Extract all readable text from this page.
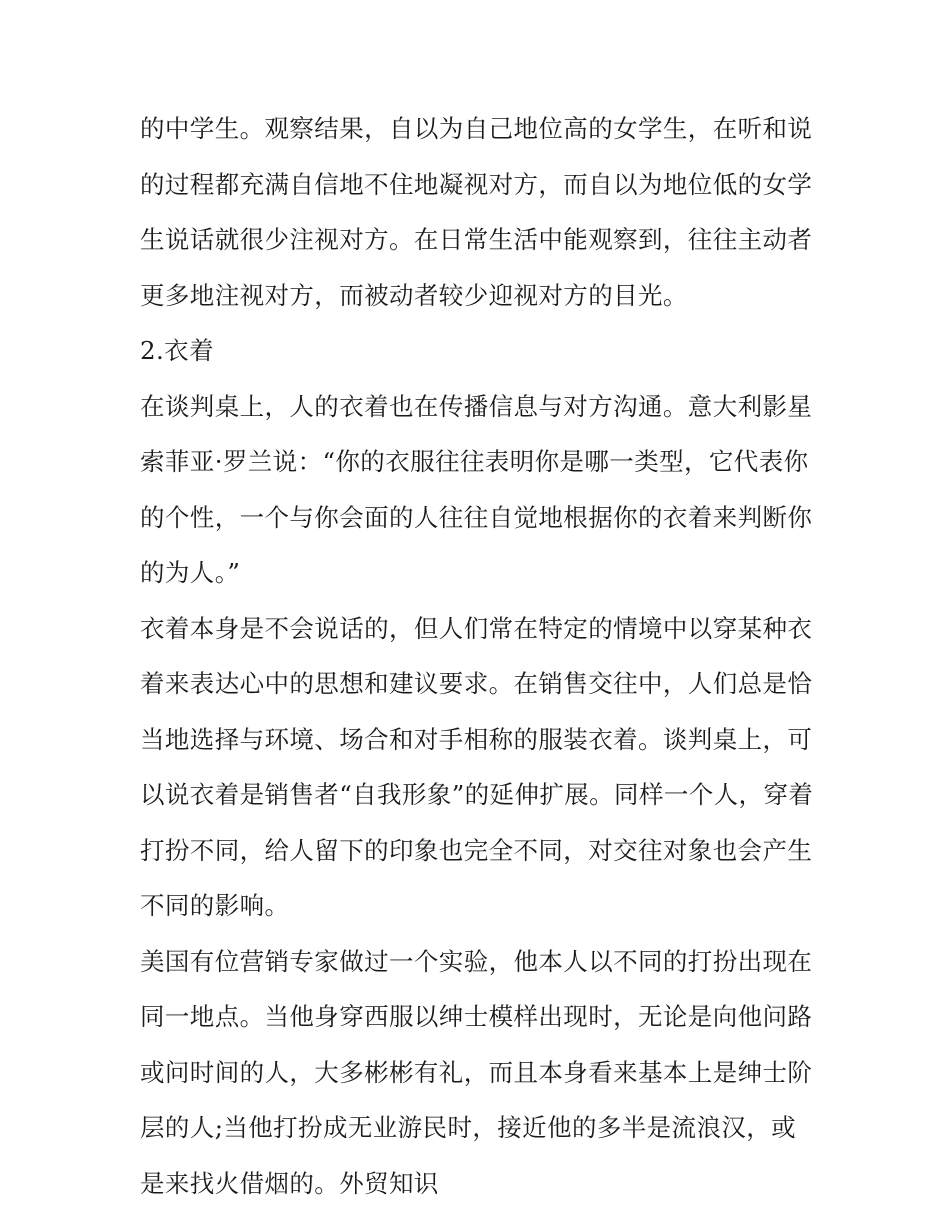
的中学生。观察结果，自以为自己地位高的女学生，在听和说
的过程都充满自信地不住地凝视对方，而自以为地位低的女学
生说话就很少注视对方。在日常生活中能观察到，往往主动者
更多地注视对方，而被动者较少迎视对方的目光。
2.衣着
在谈判桌上，人的衣着也在传播信息与对方沟通。意大利影星
索菲亚·罗兰说：“你的衣服往往表明你是哪一类型，它代表你
的个性，一个与你会面的人往往自觉地根据你的衣着来判断你
的为人。”
衣着本身是不会说话的，但人们常在特定的情境中以穿某种衣
着来表达心中的思想和建议要求。在销售交往中，人们总是恰
当地选择与环境、场合和对手相称的服装衣着。谈判桌上，可
以说衣着是销售者“自我形象”的延伸扩展。同样一个人，穿着
打扮不同，给人留下的印象也完全不同，对交往对象也会产生
不同的影响。
美国有位营销专家做过一个实验，他本人以不同的打扮出现在
同一地点。当他身穿西服以绅士模样出现时，无论是向他问路
或问时间的人，大多彬彬有礼，而且本身看来基本上是绅士阶
层的人;当他打扮成无业游民时，接近他的多半是流浪汉，或
是来找火借烟的。外贸知识
